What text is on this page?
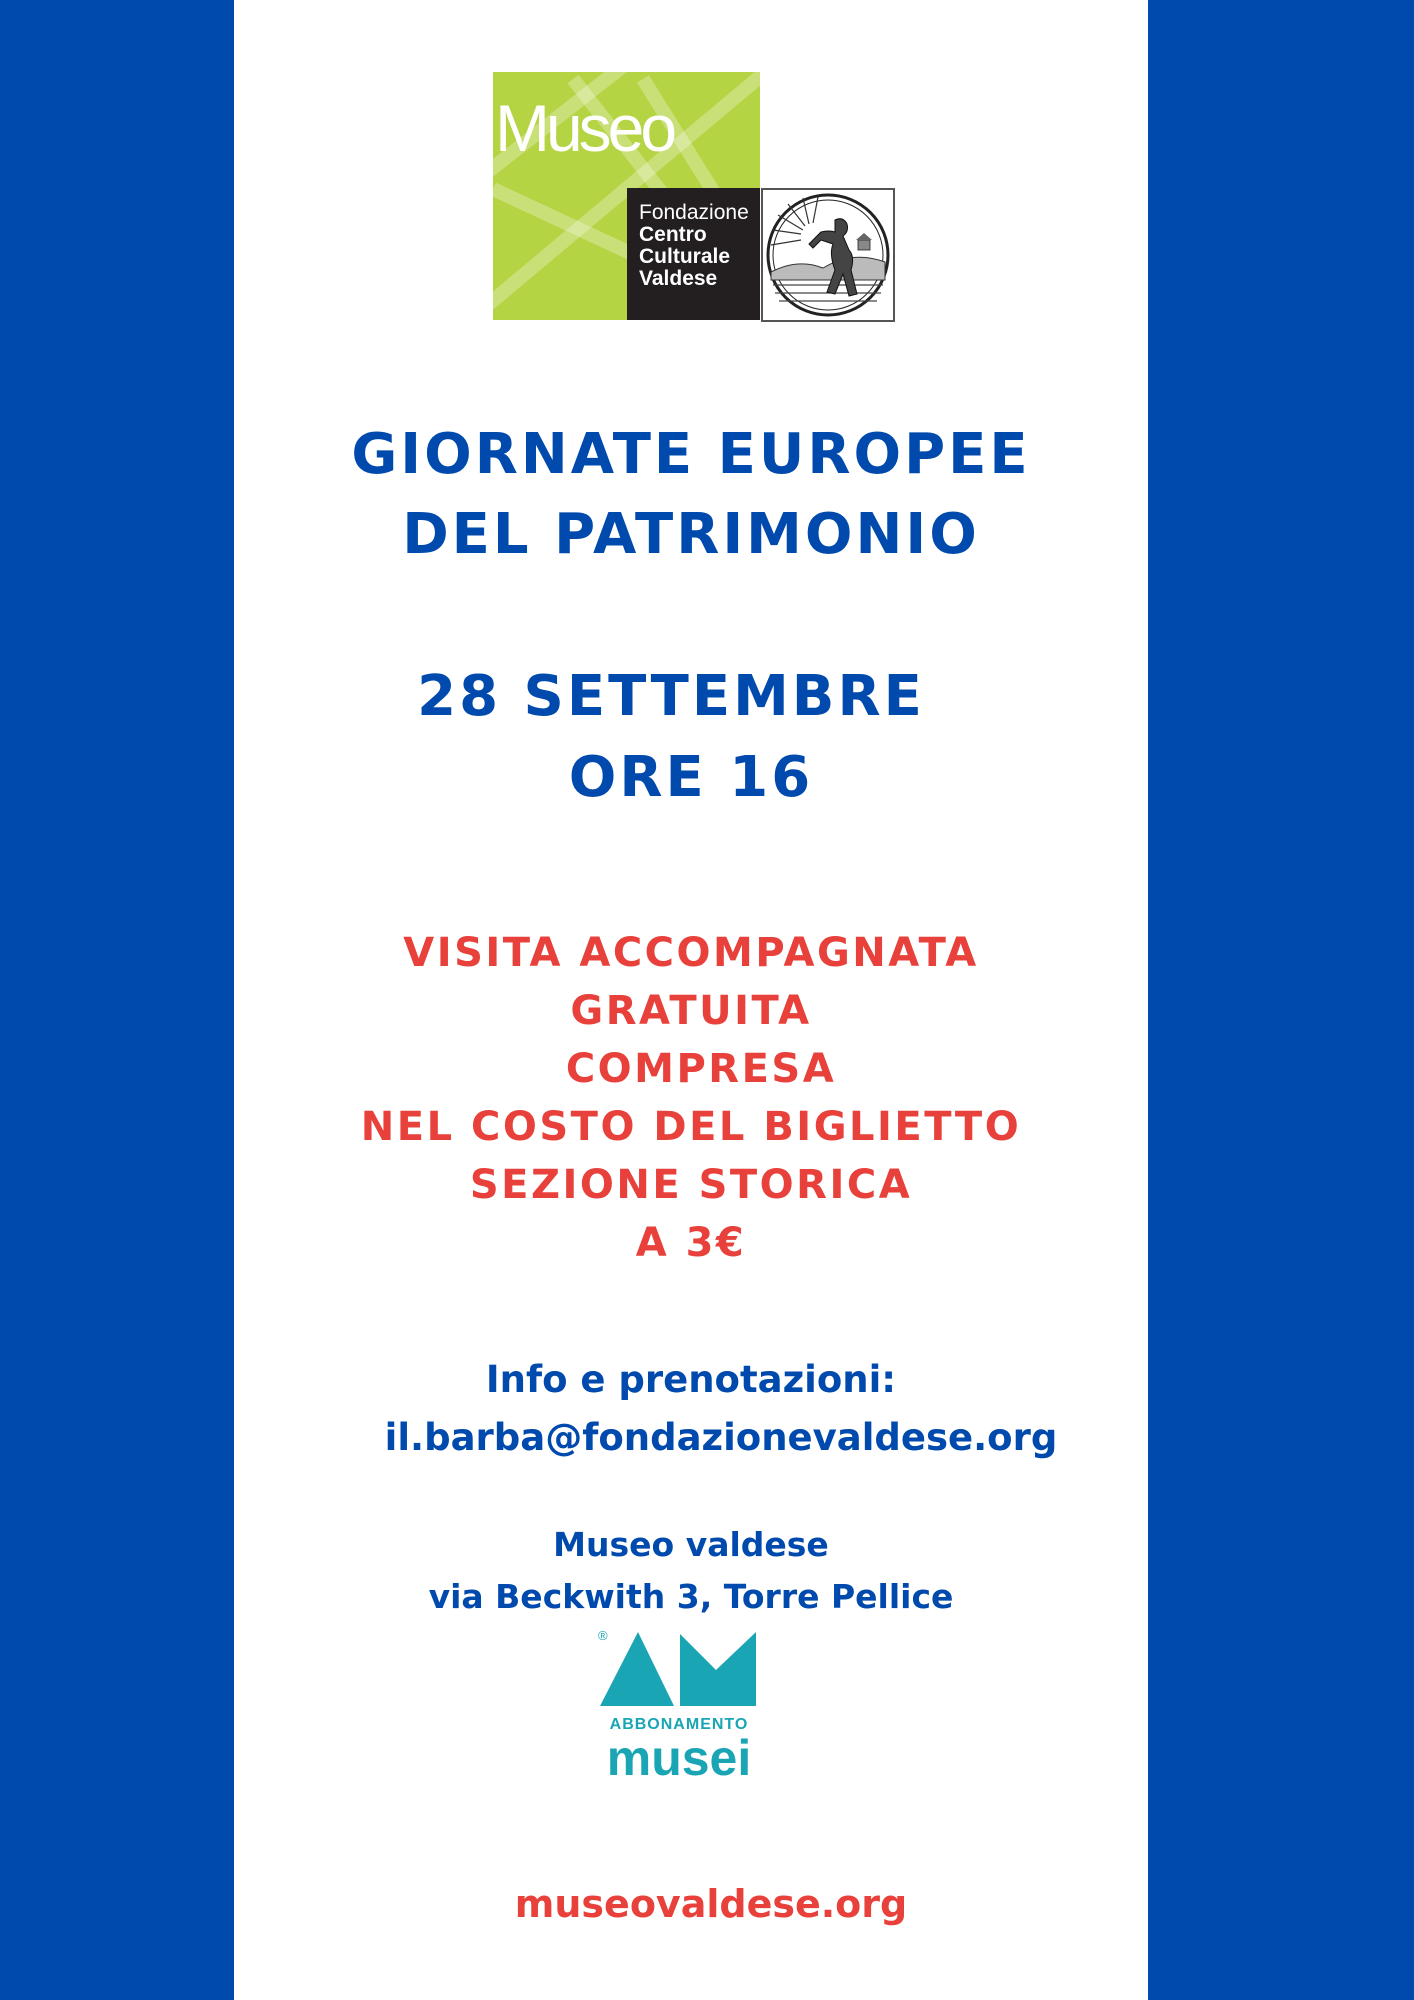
Museo
Fondazione
Centro
Culturale
Valdese
GIORNATE EUROPEE
DEL PATRIMONIO
28 SETTEMBRE
ORE 16
VISITA ACCOMPAGNATA
GRATUITA
COMPRESA
NEL COSTO DEL BIGLIETTO
SEZIONE STORICA
A 3€
Info e prenotazioni:
il.barba@fondazionevaldese.org
Museo valdese
via Beckwith 3, Torre Pellice
®
ABBONAMENTO
musei
museovaldese.org
